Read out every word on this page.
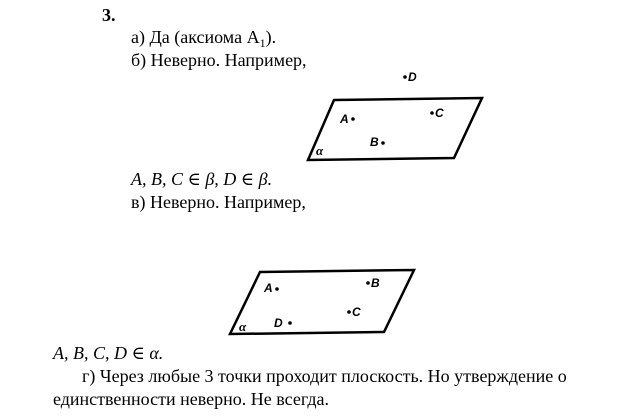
3.
а) Да (аксиома $A_1$).
б) Неверно. Например,
α
A
B
C
D
A, B, C ∈ β, D ∈ β.
в) Неверно. Например,
α
A	B
C
D
A, B, C, D ∈ α.
г) Через любые 3 точки проходит плоскость. Но утверждение о
единственности неверно. Не всегда.
